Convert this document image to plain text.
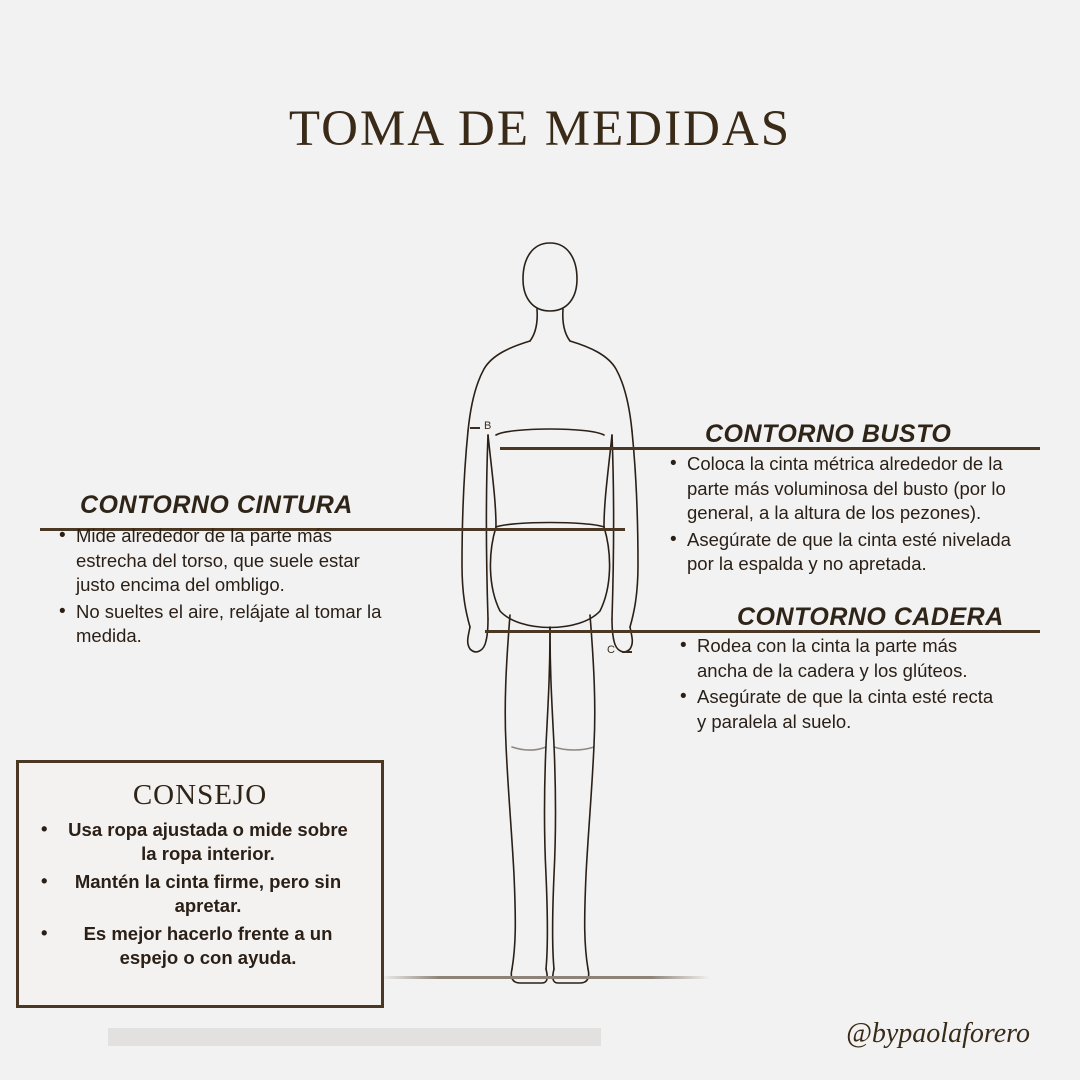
TOMA DE MEDIDAS
B
C
CONTORNO BUSTO
• Coloca la cinta métrica alrededor de la parte más voluminosa del busto (por lo general, a la altura de los pezones).
• Asegúrate de que la cinta esté nivelada por la espalda y no apretada.
CONTORNO CINTURA
• Mide alrededor de la parte más estrecha del torso, que suele estar justo encima del ombligo.
• No sueltes el aire, relájate al tomar la medida.
CONTORNO CADERA
• Rodea con la cinta la parte más ancha de la cadera y los glúteos.
• Asegúrate de que la cinta esté recta y paralela al suelo.
CONSEJO
• Usa ropa ajustada o mide sobre la ropa interior.
• Mantén la cinta firme, pero sin apretar.
• Es mejor hacerlo frente a un espejo o con ayuda.
@bypaolaforero
